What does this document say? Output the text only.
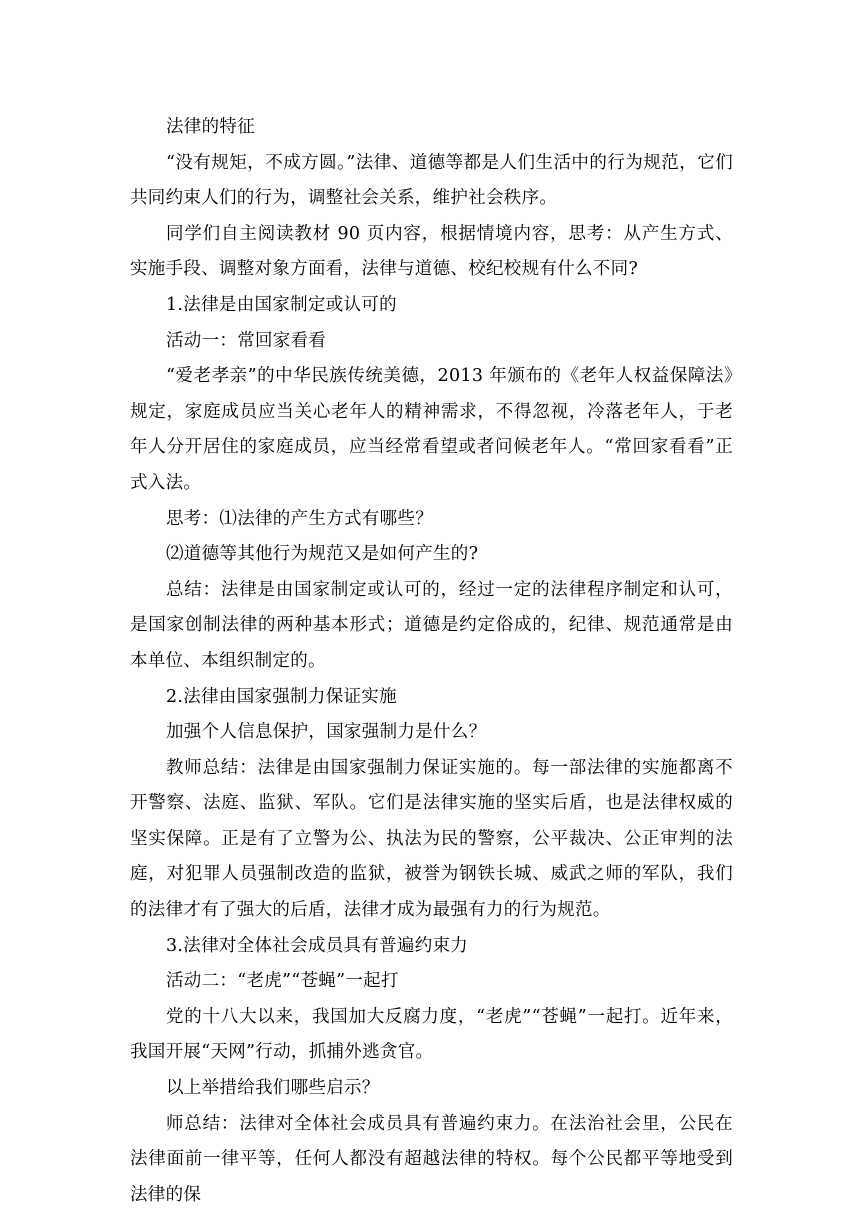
法律的特征

“没有规矩，不成方圆。”法律、道德等都是人们生活中的行为规范，它们共同约束人们的行为，调整社会关系，维护社会秩序。

同学们自主阅读教材 90 页内容，根据情境内容，思考：从产生方式、实施手段、调整对象方面看，法律与道德、校纪校规有什么不同?

1.法律是由国家制定或认可的

活动一：常回家看看

“爱老孝亲”的中华民族传统美德，2013 年颁布的《老年人权益保障法》规定，家庭成员应当关心老年人的精神需求，不得忽视，冷落老年人，于老年人分开居住的家庭成员，应当经常看望或者问候老年人。“常回家看看”正式入法。

思考：⑴法律的产生方式有哪些？

⑵道德等其他行为规范又是如何产生的?

总结：法律是由国家制定或认可的，经过一定的法律程序制定和认可，是国家创制法律的两种基本形式；道德是约定俗成的，纪律、规范通常是由本单位、本组织制定的。

2.法律由国家强制力保证实施

加强个人信息保护，国家强制力是什么？

教师总结：法律是由国家强制力保证实施的。每一部法律的实施都离不开警察、法庭、监狱、军队。它们是法律实施的坚实后盾，也是法律权威的坚实保障。正是有了立警为公、执法为民的警察，公平裁决、公正审判的法庭，对犯罪人员强制改造的监狱，被誉为钢铁长城、威武之师的军队，我们的法律才有了强大的后盾，法律才成为最强有力的行为规范。

3.法律对全体社会成员具有普遍约束力

活动二：“老虎”“苍蝇”一起打

党的十八大以来，我国加大反腐力度，“老虎”“苍蝇”一起打。近年来，我国开展“天网”行动，抓捕外逃贪官。

以上举措给我们哪些启示？

师总结：法律对全体社会成员具有普遍约束力。在法治社会里，公民在法律面前一律平等，任何人都没有超越法律的特权。每个公民都平等地受到法律的保
